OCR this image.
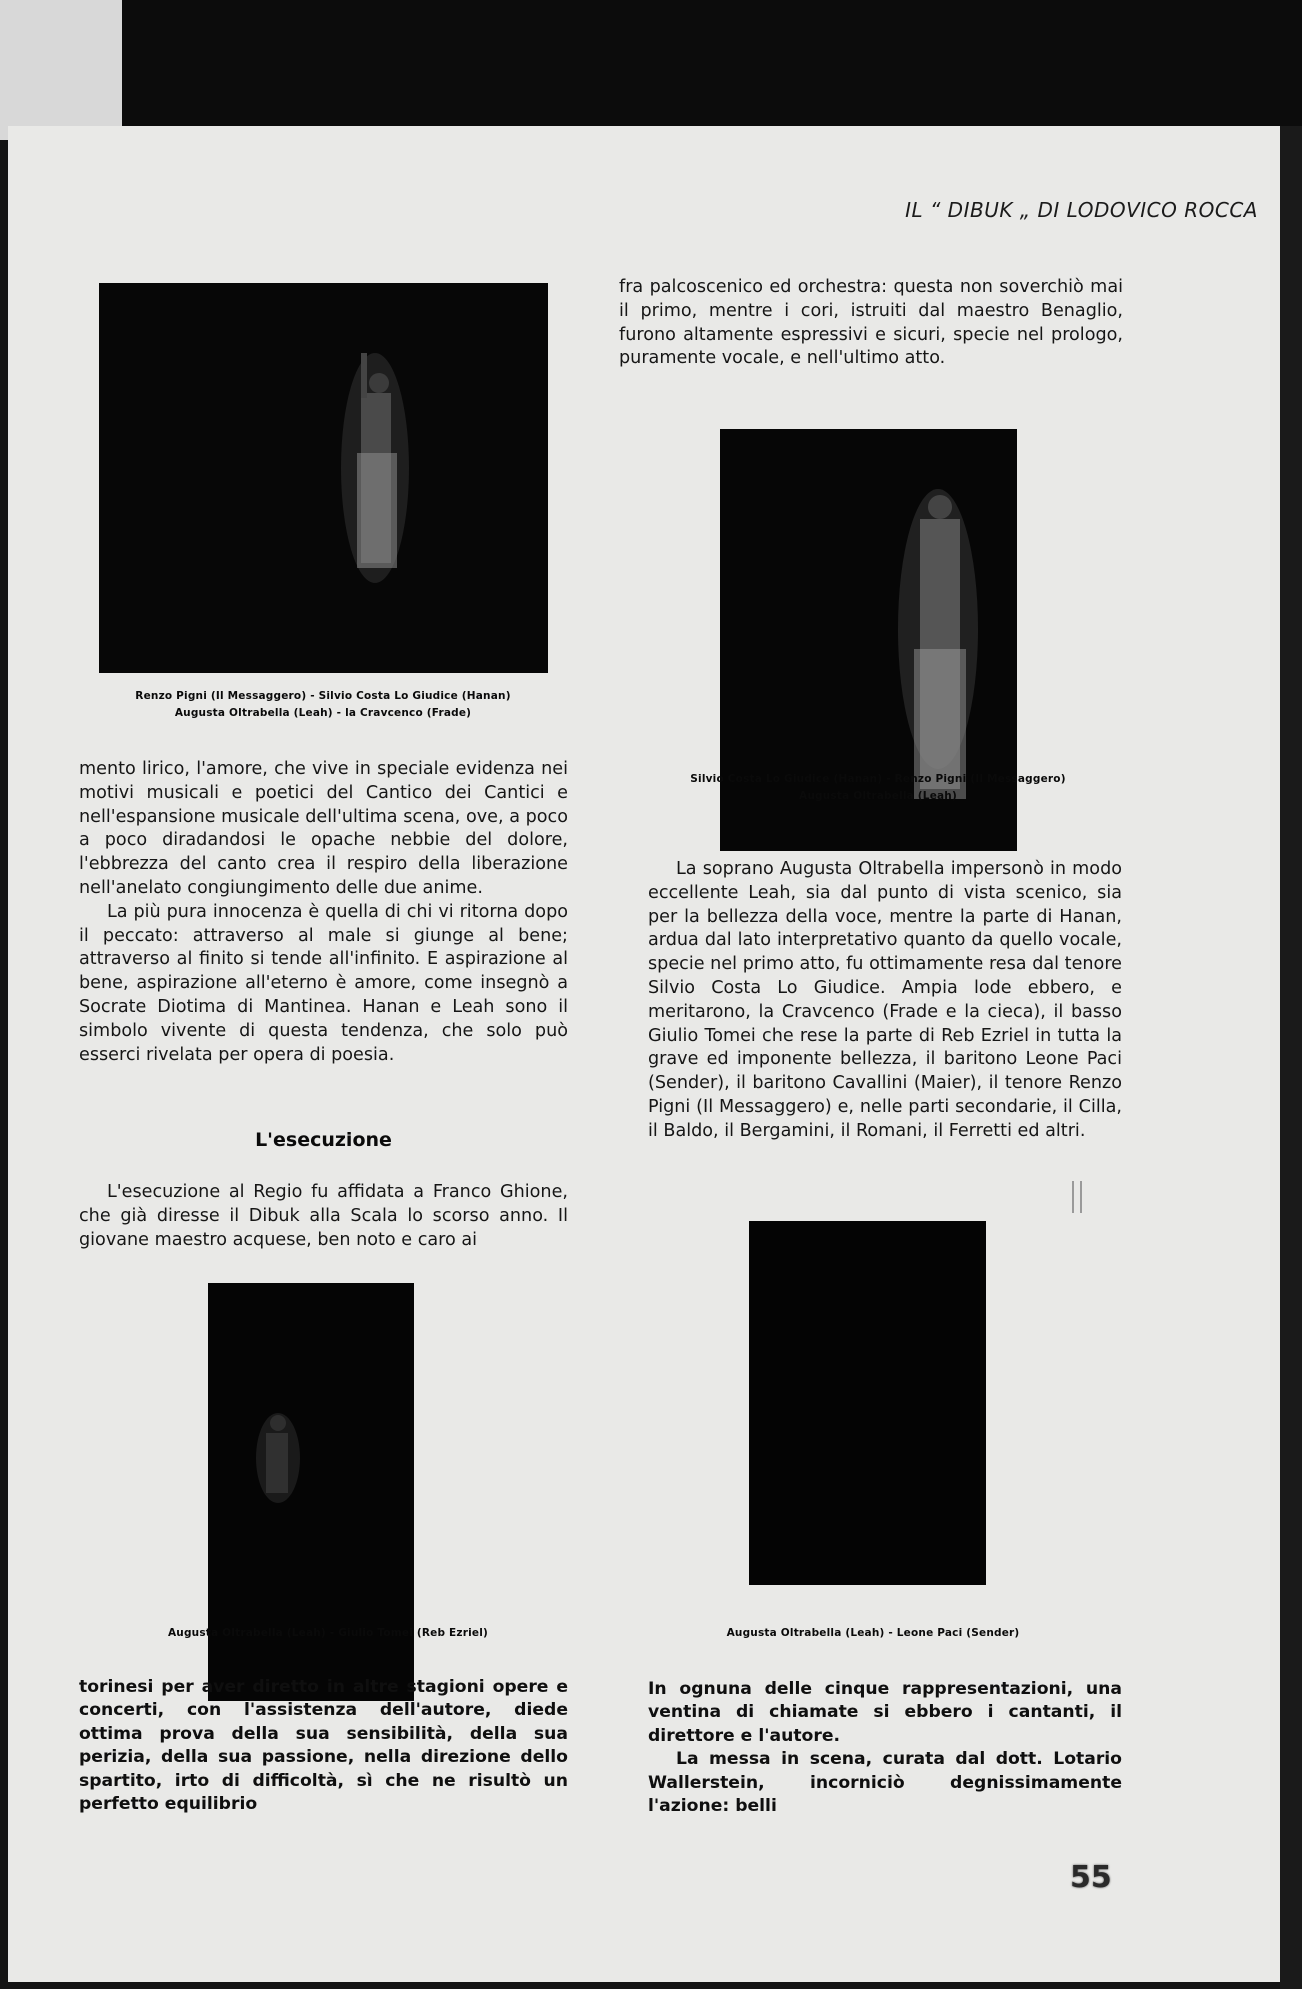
IL “ DIBUK „ DI LODOVICO ROCCA
Renzo Pigni (Il Messaggero) - Silvio Costa Lo Giudice (Hanan)
Augusta Oltrabella (Leah) - la Cravcenco (Frade)

fra palcoscenico ed orchestra: questa non soverchiò mai il primo, mentre i cori, istruiti dal maestro Benaglio, furono altamente espressivi e sicuri, specie nel prologo, puramente vocale, e nell'ultimo atto.

Silvio Costa Lo Giudice (Hanan) - Renzo Pigni (Il Messaggero)
Augusta Oltrabella (Leah)

mento lirico, l'amore, che vive in speciale evidenza nei motivi musicali e poetici del Cantico dei Cantici e nell'espansione musicale dell'ultima scena, ove, a poco a poco diradandosi le opache nebbie del dolore, l'ebbrezza del canto crea il respiro della liberazione nell'anelato congiungimento delle due anime.

La più pura innocenza è quella di chi vi ritorna dopo il peccato: attraverso al male si giunge al bene; attraverso al finito si tende all'infinito. E aspirazione al bene, aspirazione all'eterno è amore, come insegnò a Socrate Diotima di Mantinea. Hanan e Leah sono il simbolo vivente di questa tendenza, che solo può esserci rivelata per opera di poesia.

L'esecuzione

L'esecuzione al Regio fu affidata a Franco Ghione, che già diresse il Dibuk alla Scala lo scorso anno. Il giovane maestro acquese, ben noto e caro ai

La soprano Augusta Oltrabella impersonò in modo eccellente Leah, sia dal punto di vista scenico, sia per la bellezza della voce, mentre la parte di Hanan, ardua dal lato interpretativo quanto da quello vocale, specie nel primo atto, fu ottimamente resa dal tenore Silvio Costa Lo Giudice. Ampia lode ebbero, e meritarono, la Cravcenco (Frade e la cieca), il basso Giulio Tomei che rese la parte di Reb Ezriel in tutta la grave ed imponente bellezza, il baritono Leone Paci (Sender), il baritono Cavallini (Maier), il tenore Renzo Pigni (Il Messaggero) e, nelle parti secondarie, il Cilla, il Baldo, il Bergamini, il Romani, il Ferretti ed altri.

Augusta Oltrabella (Leah) - Giulio Tomei (Reb Ezriel)	Augusta Oltrabella (Leah) - Leone Paci (Sender)

torinesi per aver diretto in altre stagioni opere e concerti, con l'assistenza dell'autore, diede ottima prova della sua sensibilità, della sua perizia, della sua passione, nella direzione dello spartito, irto di difficoltà, sì che ne risultò un perfetto equilibrio

In ognuna delle cinque rappresentazioni, una ventina di chiamate si ebbero i cantanti, il direttore e l'autore.

La messa in scena, curata dal dott. Lotario Wallerstein, incorniciò degnissimamente l'azione: belli

55
